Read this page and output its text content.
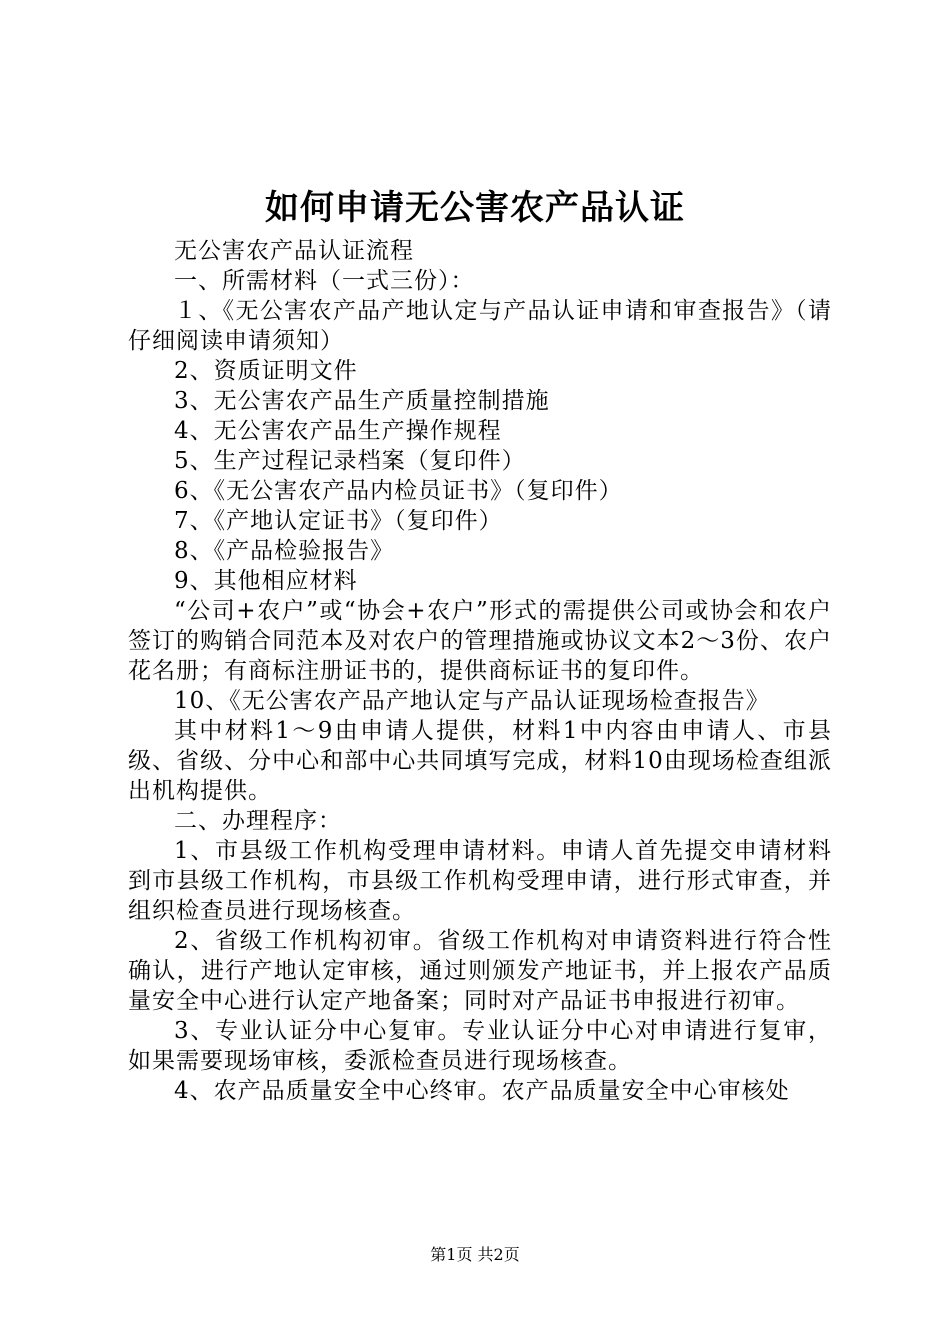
如何申请无公害农产品认证

无公害农产品认证流程

一、所需材料（一式三份）：

１、《无公害农产品产地认定与产品认证申请和审查报告》（请仔细阅读申请须知）

2、资质证明文件

3、无公害农产品生产质量控制措施

4、无公害农产品生产操作规程

5、生产过程记录档案（复印件）

6、《无公害农产品内检员证书》（复印件）

7、《产地认定证书》（复印件）

8、《产品检验报告》

9、其他相应材料

“公司+农户”或“协会+农户”形式的需提供公司或协会和农户签订的购销合同范本及对农户的管理措施或协议文本2～3份、农户花名册；有商标注册证书的，提供商标证书的复印件。

10、《无公害农产品产地认定与产品认证现场检查报告》

其中材料1～9由申请人提供，材料1中内容由申请人、市县级、省级、分中心和部中心共同填写完成，材料10由现场检查组派出机构提供。

二、办理程序：

1、市县级工作机构受理申请材料。申请人首先提交申请材料到市县级工作机构，市县级工作机构受理申请，进行形式审查，并组织检查员进行现场核查。

2、省级工作机构初审。省级工作机构对申请资料进行符合性确认，进行产地认定审核，通过则颁发产地证书，并上报农产品质量安全中心进行认定产地备案；同时对产品证书申报进行初审。

3、专业认证分中心复审。专业认证分中心对申请进行复审，如果需要现场审核，委派检查员进行现场核查。

4、农产品质量安全中心终审。农产品质量安全中心审核处

第1页 共2页
